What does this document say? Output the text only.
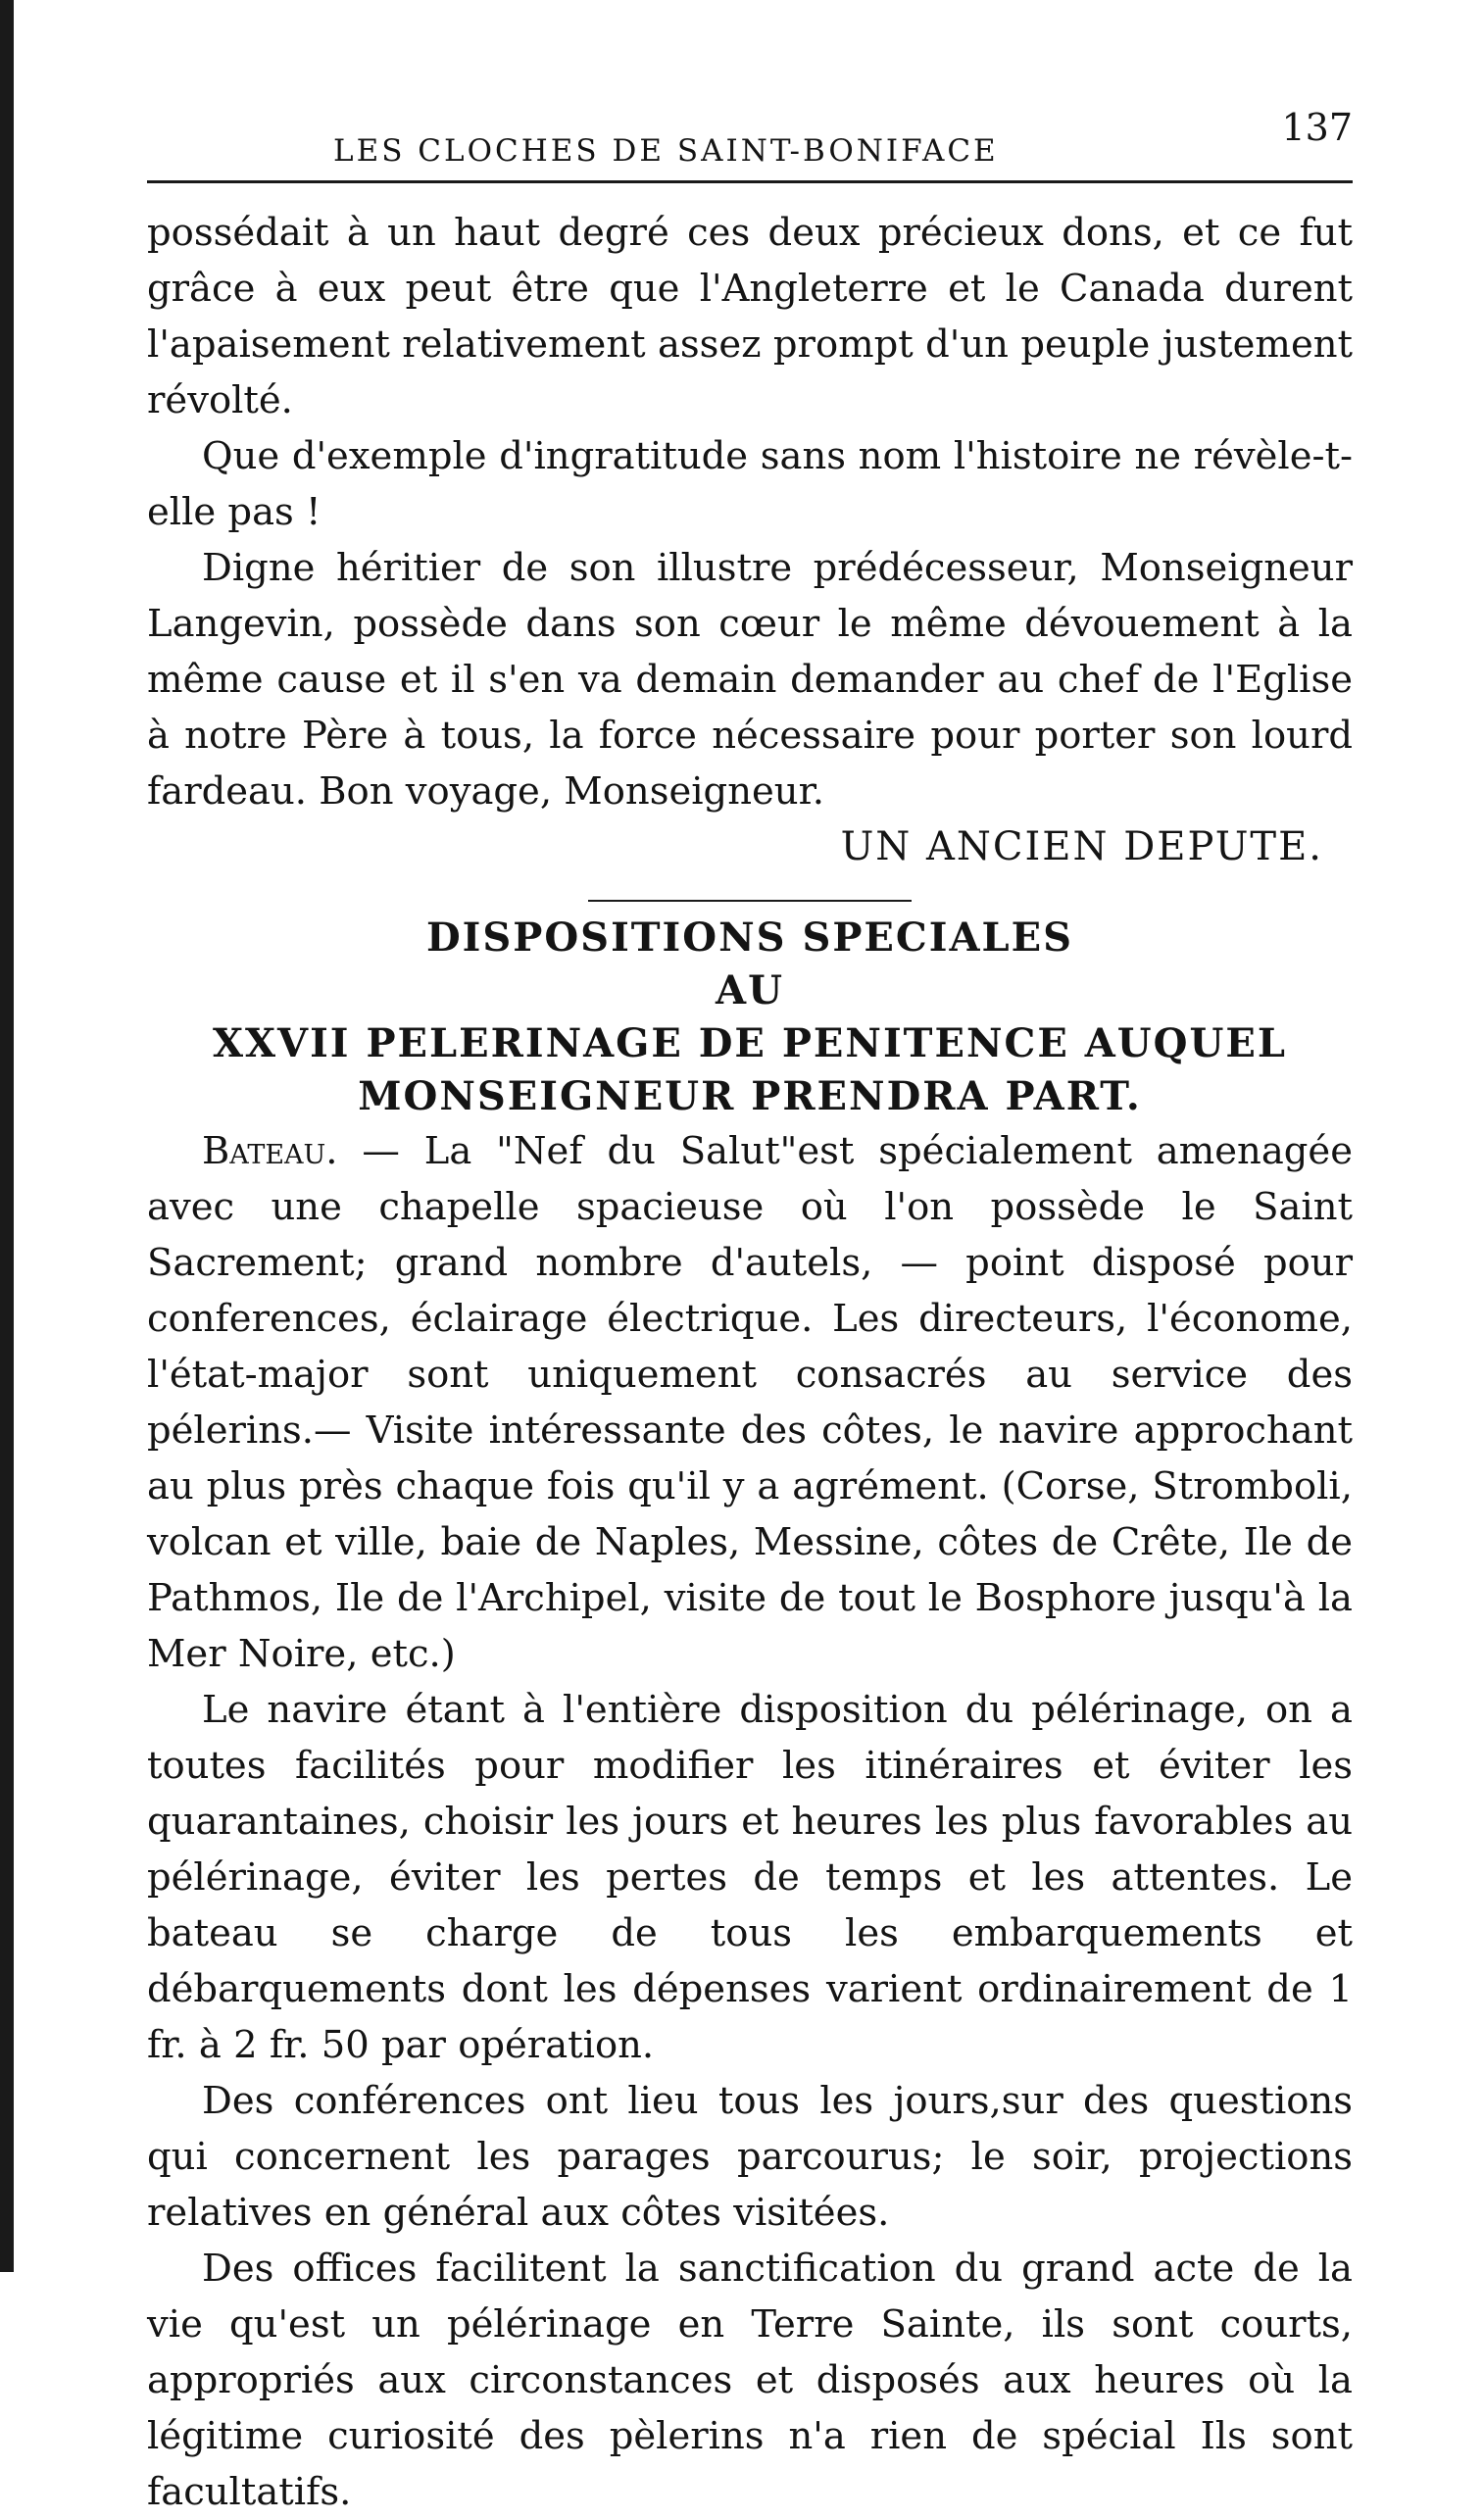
LES CLOCHES DE SAINT-BONIFACE
137

possédait à un haut degré ces deux précieux dons, et ce fut grâce à eux peut être que l'Angleterre et le Canada durent l'apaisement relativement assez prompt d'un peuple justement révolté.

Que d'exemple d'ingratitude sans nom l'histoire ne révèle-t-elle pas !

Digne héritier de son illustre prédécesseur, Monseigneur Langevin, possède dans son cœur le même dévouement à la même cause et il s'en va demain demander au chef de l'Eglise à notre Père à tous, la force nécessaire pour porter son lourd fardeau. Bon voyage, Monseigneur.

UN ANCIEN DEPUTE.

DISPOSITIONS SPECIALES
AU
XXVII PELERINAGE DE PENITENCE AUQUEL MONSEIGNEUR PRENDRA PART.

Bateau. — La "Nef du Salut"est spécialement amenagée avec une chapelle spacieuse où l'on possède le Saint Sacrement; grand nombre d'autels, — point disposé pour conferences, éclairage électrique. Les directeurs, l'économe, l'état-major sont uniquement consacrés au service des pélerins.— Visite intéressante des côtes, le navire approchant au plus près chaque fois qu'il y a agrément. (Corse, Stromboli, volcan et ville, baie de Naples, Messine, côtes de Crête, Ile de Pathmos, Ile de l'Archipel, visite de tout le Bosphore jusqu'à la Mer Noire, etc.)

Le navire étant à l'entière disposition du pélérinage, on a toutes facilités pour modifier les itinéraires et éviter les quarantaines, choisir les jours et heures les plus favorables au pélérinage, éviter les pertes de temps et les attentes. Le bateau se charge de tous les embarquements et débarquements dont les dépenses varient ordinairement de 1 fr. à 2 fr. 50 par opération.

Des conférences ont lieu tous les jours,sur des questions qui concernent les parages parcourus; le soir, projections relatives en général aux côtes visitées.

Des offices facilitent la sanctification du grand acte de la vie qu'est un pélérinage en Terre Sainte, ils sont courts, appropriés aux circonstances et disposés aux heures où la légitime curiosité des pèlerins n'a rien de spécial Ils sont facultatifs.
